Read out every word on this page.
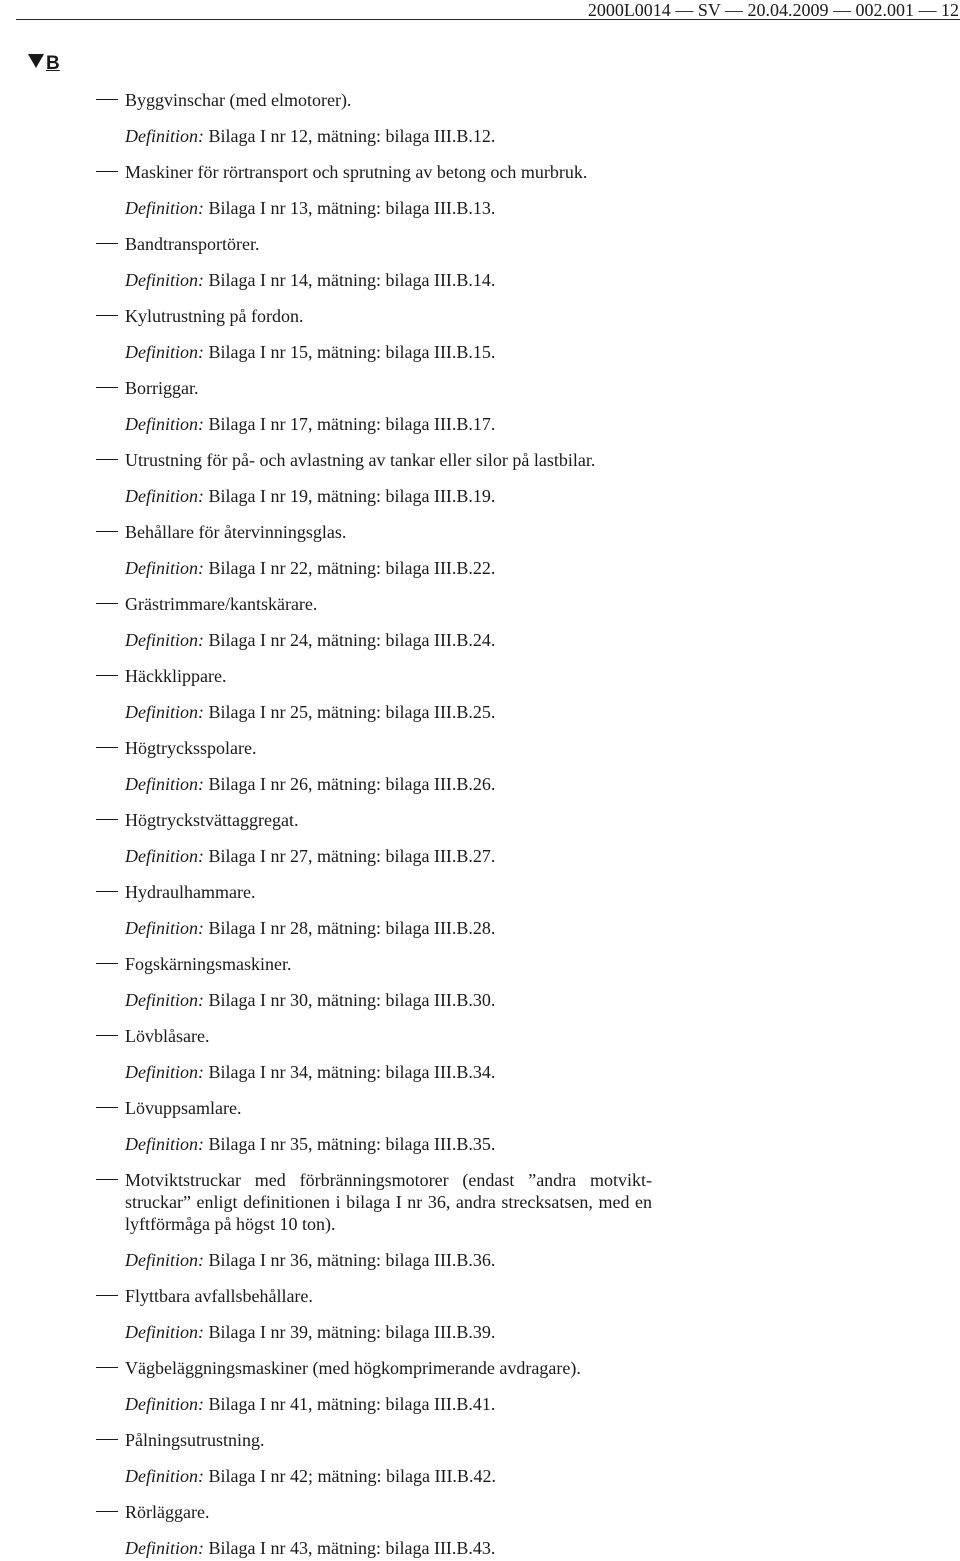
2000L0014 — SV — 20.04.2009 — 002.001 — 12
B
Byggvinschar (med elmotorer).
Definition: Bilaga I nr 12, mätning: bilaga III.B.12.
Maskiner för rörtransport och sprutning av betong och murbruk.
Definition: Bilaga I nr 13, mätning: bilaga III.B.13.
Bandtransportörer.
Definition: Bilaga I nr 14, mätning: bilaga III.B.14.
Kylutrustning på fordon.
Definition: Bilaga I nr 15, mätning: bilaga III.B.15.
Borriggar.
Definition: Bilaga I nr 17, mätning: bilaga III.B.17.
Utrustning för på- och avlastning av tankar eller silor på lastbilar.
Definition: Bilaga I nr 19, mätning: bilaga III.B.19.
Behållare för återvinningsglas.
Definition: Bilaga I nr 22, mätning: bilaga III.B.22.
Grästrimmare/kantskärare.
Definition: Bilaga I nr 24, mätning: bilaga III.B.24.
Häckklippare.
Definition: Bilaga I nr 25, mätning: bilaga III.B.25.
Högtrycksspolare.
Definition: Bilaga I nr 26, mätning: bilaga III.B.26.
Högtryckstvättaggregat.
Definition: Bilaga I nr 27, mätning: bilaga III.B.27.
Hydraulhammare.
Definition: Bilaga I nr 28, mätning: bilaga III.B.28.
Fogskärningsmaskiner.
Definition: Bilaga I nr 30, mätning: bilaga III.B.30.
Lövblåsare.
Definition: Bilaga I nr 34, mätning: bilaga III.B.34.
Lövuppsamlare.
Definition: Bilaga I nr 35, mätning: bilaga III.B.35.
Motviktstruckar med förbränningsmotorer (endast ”andra motviktstruckar” enligt definitionen i bilaga I nr 36, andra strecksatsen, med en lyftförmåga på högst 10 ton).
Definition: Bilaga I nr 36, mätning: bilaga III.B.36.
Flyttbara avfallsbehållare.
Definition: Bilaga I nr 39, mätning: bilaga III.B.39.
Vägbeläggningsmaskiner (med högkomprimerande avdragare).
Definition: Bilaga I nr 41, mätning: bilaga III.B.41.
Pålningsutrustning.
Definition: Bilaga I nr 42; mätning: bilaga III.B.42.
Rörläggare.
Definition: Bilaga I nr 43, mätning: bilaga III.B.43.
